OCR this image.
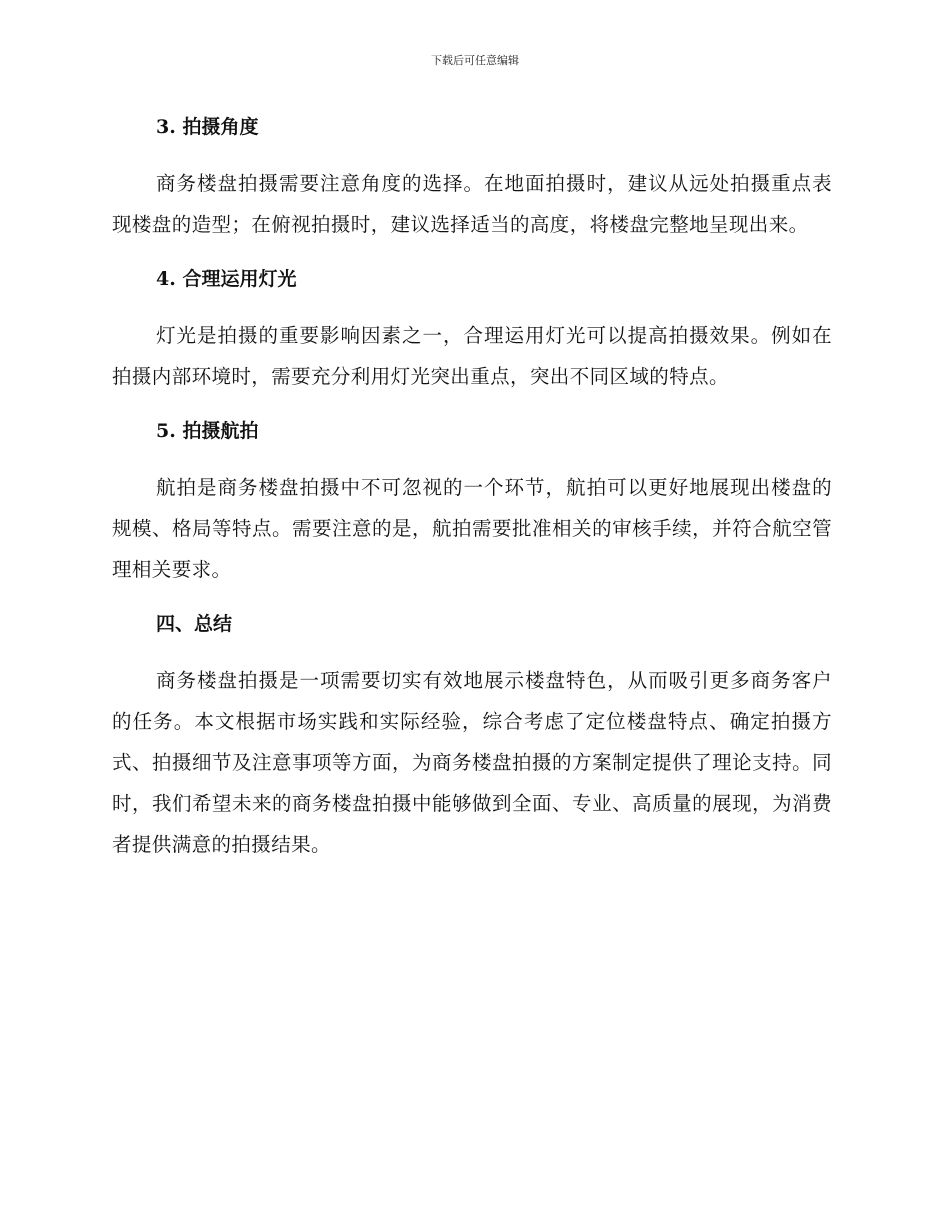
下载后可任意编辑
3. 拍摄角度

商务楼盘拍摄需要注意角度的选择。在地面拍摄时，建议从远处拍摄重点表现楼盘的造型；在俯视拍摄时，建议选择适当的高度，将楼盘完整地呈现出来。

4. 合理运用灯光

灯光是拍摄的重要影响因素之一，合理运用灯光可以提高拍摄效果。例如在拍摄内部环境时，需要充分利用灯光突出重点，突出不同区域的特点。

5. 拍摄航拍

航拍是商务楼盘拍摄中不可忽视的一个环节，航拍可以更好地展现出楼盘的规模、格局等特点。需要注意的是，航拍需要批准相关的审核手续，并符合航空管理相关要求。

四、总结

商务楼盘拍摄是一项需要切实有效地展示楼盘特色，从而吸引更多商务客户的任务。本文根据市场实践和实际经验，综合考虑了定位楼盘特点、确定拍摄方式、拍摄细节及注意事项等方面，为商务楼盘拍摄的方案制定提供了理论支持。同时，我们希望未来的商务楼盘拍摄中能够做到全面、专业、高质量的展现，为消费者提供满意的拍摄结果。
